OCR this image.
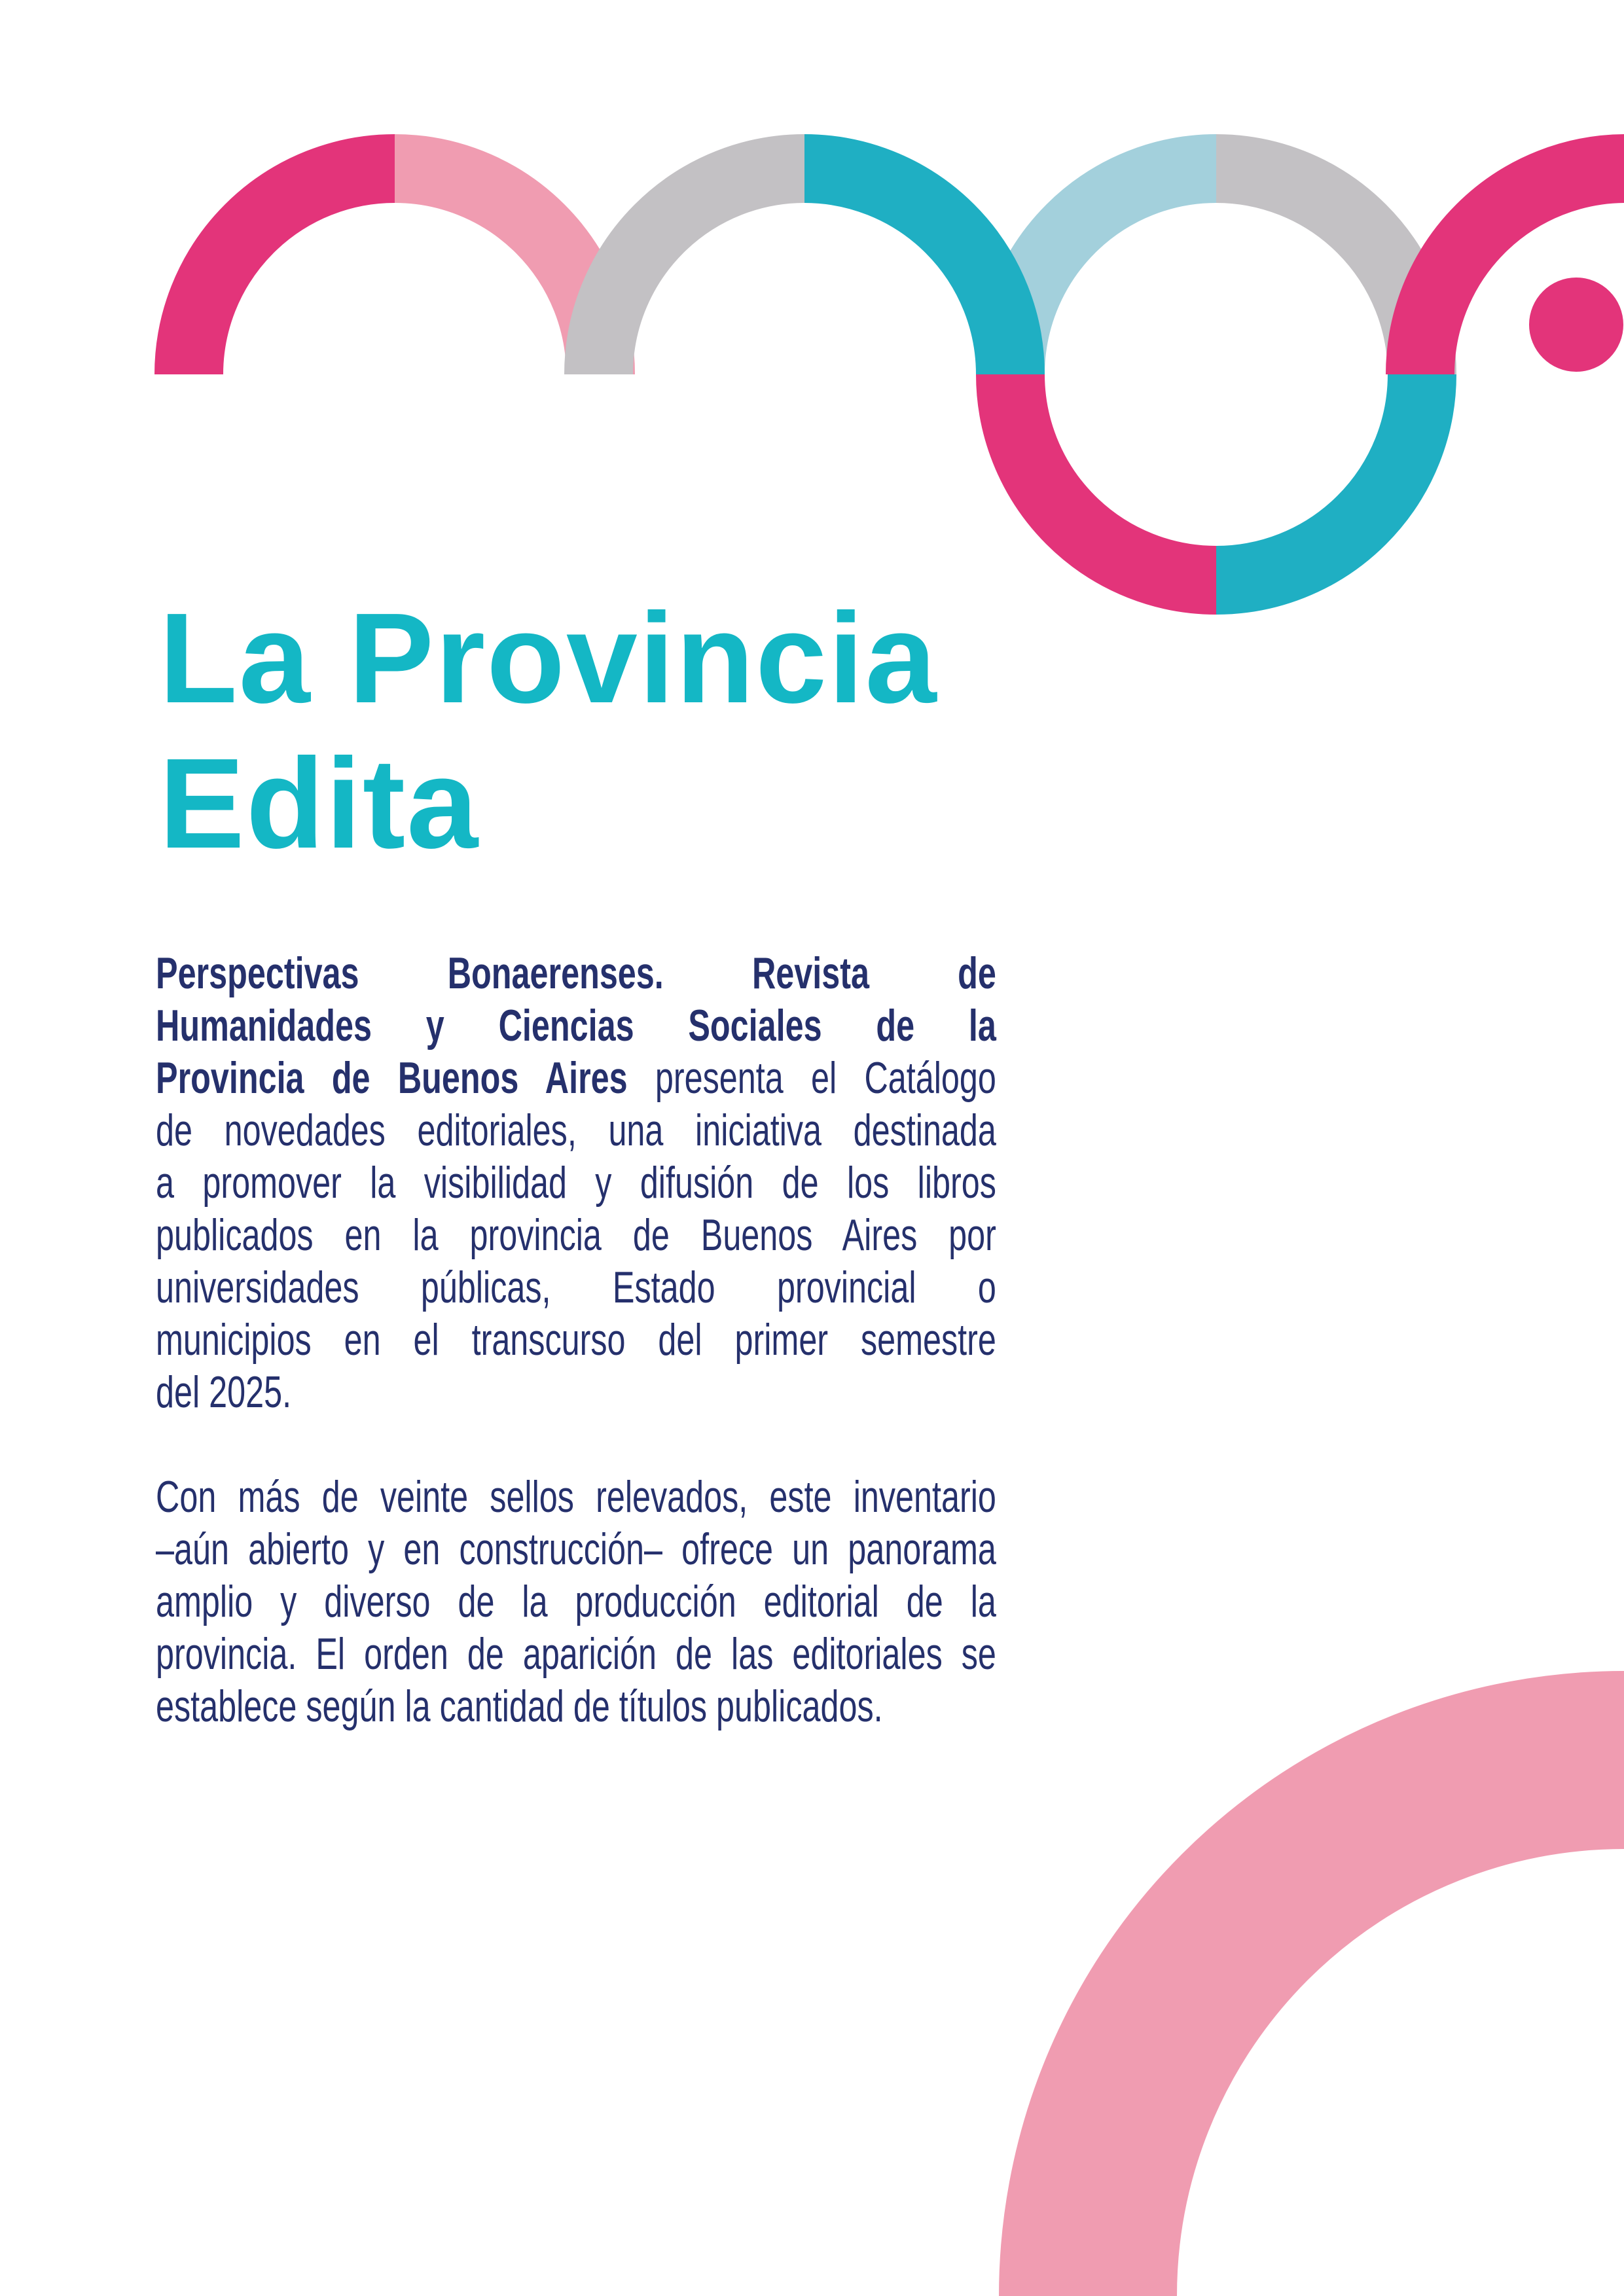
La Provincia
Edita

Perspectivas Bonaerenses. Revista de
Humanidades y Ciencias Sociales de la
Provincia de Buenos Aires presenta el Catálogo
de novedades editoriales, una iniciativa destinada
a promover la visibilidad y difusión de los libros
publicados en la provincia de Buenos Aires por
universidades públicas, Estado provincial o
municipios en el transcurso del primer semestre
del 2025.

Con más de veinte sellos relevados, este inventario
–aún abierto y en construcción– ofrece un panorama
amplio y diverso de la producción editorial de la
provincia. El orden de aparición de las editoriales se
establece según la cantidad de títulos publicados.
